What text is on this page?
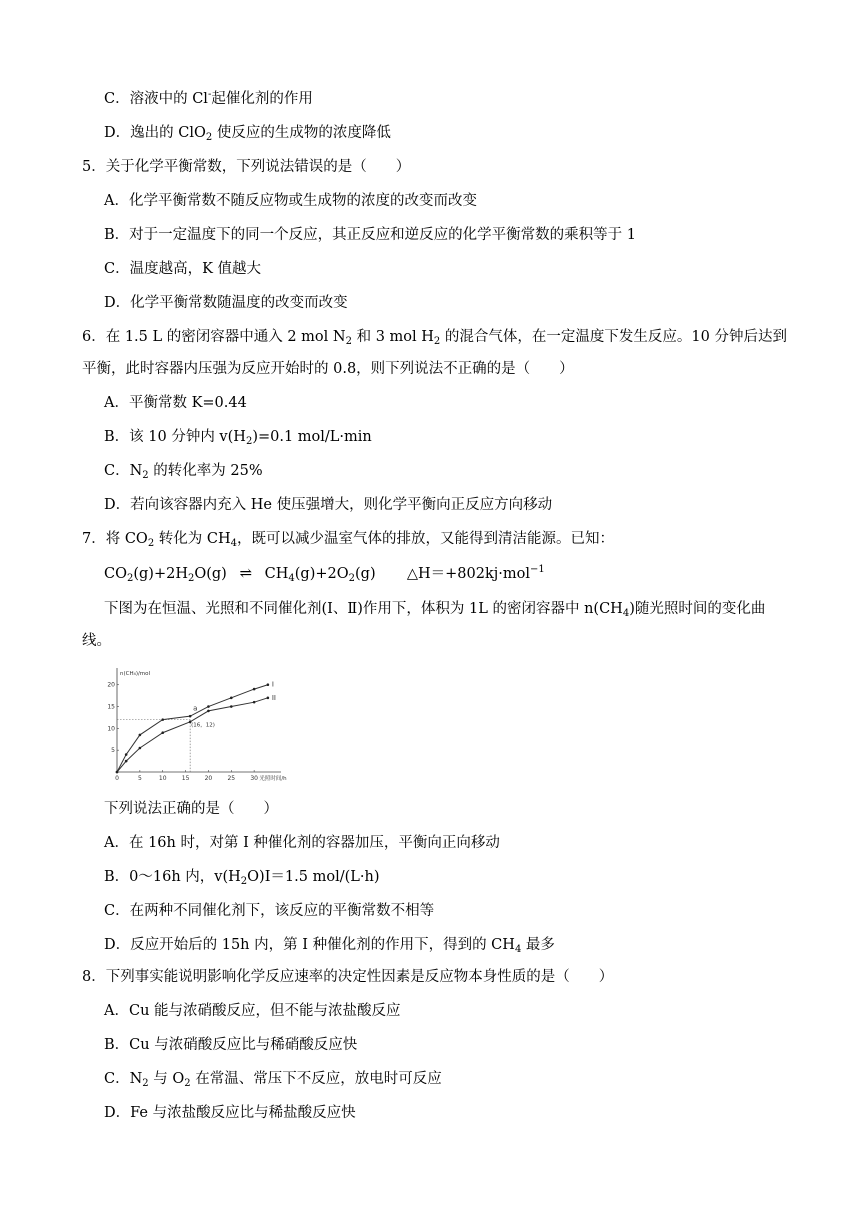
C．溶液中的 Cl-起催化剂的作用
D．逸出的 ClO$_2$ 使反应的生成物的浓度降低
5．关于化学平衡常数，下列说法错误的是（　　）
A．化学平衡常数不随反应物或生成物的浓度的改变而改变
B．对于一定温度下的同一个反应，其正反应和逆反应的化学平衡常数的乘积等于 1
C．温度越高，K 值越大
D．化学平衡常数随温度的改变而改变
6．在 1.5 L 的密闭容器中通入 2 mol $N_2$ 和 3 mol $H_2$ 的混合气体，在一定温度下发生反应。10 分钟后达到
平衡，此时容器内压强为反应开始时的 0.8，则下列说法不正确的是（　　）
A．平衡常数 K=0.44
B．该 10 分钟内 $v(H_2)=0.1$ mol/L·min
C．$N_2$ 的转化率为 25%
D．若向该容器内充入 He 使压强增大，则化学平衡向正反应方向移动
7．将 $CO_2$ 转化为 $CH_4$，既可以减少温室气体的排放，又能得到清洁能源。已知：
$CO_2(g)+2H_2O(g)$ ⇌ $CH_4(g)+2O_2(g)$ △H＝+802kj·mol$^{-1}$
下图为在恒温、光照和不同催化剂(I、Ⅱ)作用下，体积为 1L 的密闭容器中 $n(CH_4)$随光照时间的变化曲
线。
0	5	10	15	20	25	30
5
10
15
20
n(CH₄)/mol
光照时间/h
I
II
a
(16，12)
下列说法正确的是（　　）
A．在 16h 时，对第 I 种催化剂的容器加压，平衡向正向移动
B．0～16h 内，$v(H_2O)I=1.5$ mol/(L·h)
C．在两种不同催化剂下，该反应的平衡常数不相等
D．反应开始后的 15h 内，第 I 种催化剂的作用下，得到的 $CH_4$ 最多
8．下列事实能说明影响化学反应速率的决定性因素是反应物本身性质的是（　　）
A．Cu 能与浓硝酸反应，但不能与浓盐酸反应
B．Cu 与浓硝酸反应比与稀硝酸反应快
C．$N_2$ 与 $O_2$ 在常温、常压下不反应，放电时可反应
D．Fe 与浓盐酸反应比与稀盐酸反应快
